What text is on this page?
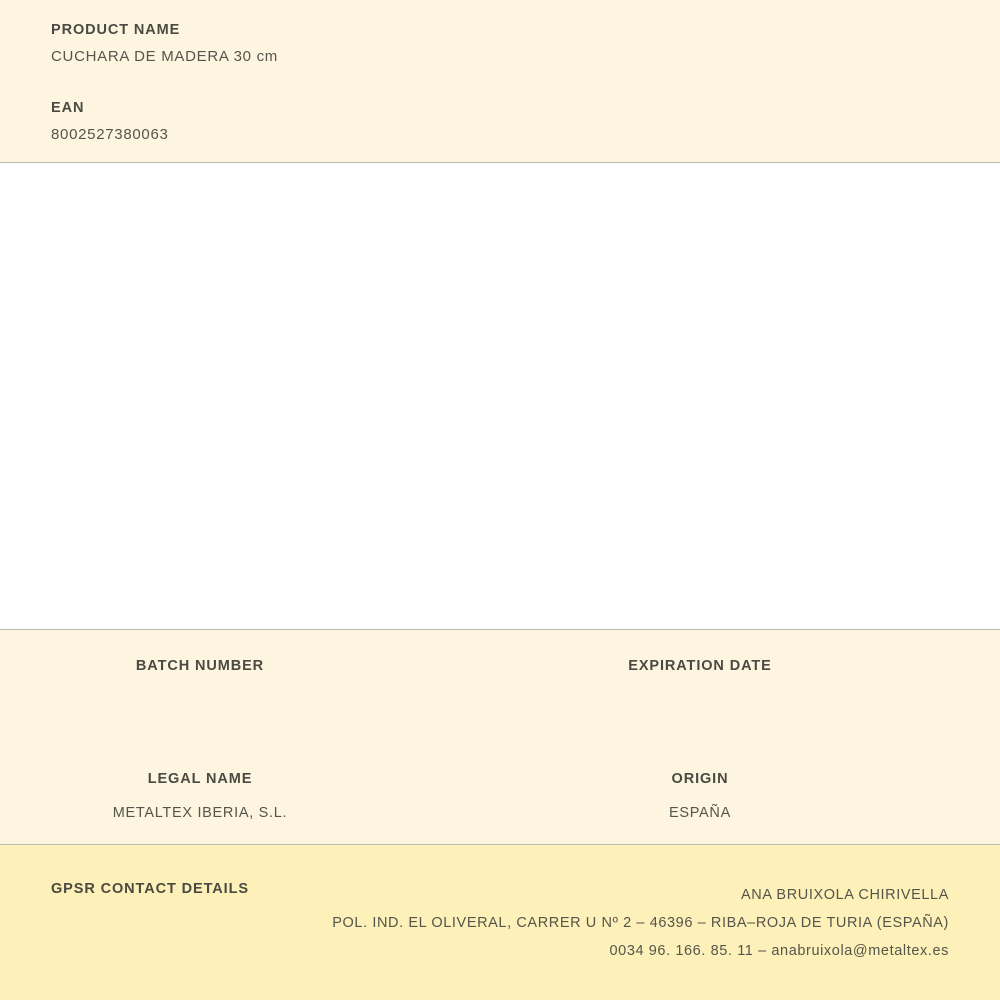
PRODUCT NAME

CUCHARA DE MADERA 30 cm

EAN

8002527380063

BATCH NUMBER	EXPIRATION DATE

LEGAL NAME

METALTEX IBERIA, S.L.

ORIGIN

ESPAÑA

GPSR CONTACT DETAILS	ANA BRUIXOLA CHIRIVELLA
POL. IND. EL OLIVERAL, CARRER U Nº 2 – 46396 – RIBA–ROJA DE TURIA (ESPAÑA)
0034 96. 166. 85. 11 – anabruixola@metaltex.es
